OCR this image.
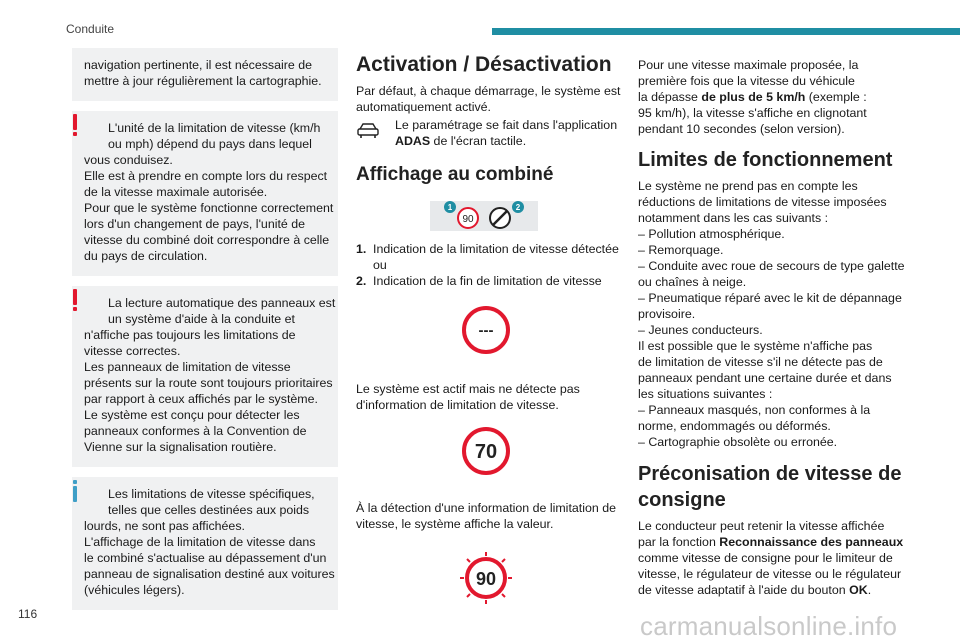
Conduite
navigation pertinente, il est nécessaire de
mettre à jour régulièrement la cartographie.
L'unité de la limitation de vitesse (km/h
ou mph) dépend du pays dans lequel
vous conduisez.
Elle est à prendre en compte lors du respect
de la vitesse maximale autorisée.
Pour que le système fonctionne correctement
lors d'un changement de pays, l'unité de
vitesse du combiné doit correspondre à celle
du pays de circulation.
La lecture automatique des panneaux est
un système d'aide à la conduite et
n'affiche pas toujours les limitations de
vitesse correctes.
Les panneaux de limitation de vitesse
présents sur la route sont toujours prioritaires
par rapport à ceux affichés par le système.
Le système est conçu pour détecter les
panneaux conformes à la Convention de
Vienne sur la signalisation routière.
Les limitations de vitesse spécifiques,
telles que celles destinées aux poids
lourds, ne sont pas affichées.
L'affichage de la limitation de vitesse dans
le combiné s'actualise au dépassement d'un
panneau de signalisation destiné aux voitures
(véhicules légers).
Activation / Désactivation
Par défaut, à chaque démarrage, le système est
automatiquement activé.
Le paramétrage se fait dans l'application
ADAS de l'écran tactile.
Affichage au combiné
1
90
2
1. Indication de la limitation de vitesse détectée
ou
2. Indication de la fin de limitation de vitesse
---
Le système est actif mais ne détecte pas
d'information de limitation de vitesse.
70
À la détection d'une information de limitation de
vitesse, le système affiche la valeur.
90
Pour une vitesse maximale proposée, la
première fois que la vitesse du véhicule
la dépasse de plus de 5 km/h (exemple :
95 km/h), la vitesse s'affiche en clignotant
pendant 10 secondes (selon version).
Limites de fonctionnement
Le système ne prend pas en compte les
réductions de limitations de vitesse imposées
notamment dans les cas suivants :
– Pollution atmosphérique.
– Remorquage.
– Conduite avec roue de secours de type galette
ou chaînes à neige.
– Pneumatique réparé avec le kit de dépannage
provisoire.
– Jeunes conducteurs.
Il est possible que le système n'affiche pas
de limitation de vitesse s'il ne détecte pas de
panneaux pendant une certaine durée et dans
les situations suivantes :
– Panneaux masqués, non conformes à la
norme, endommagés ou déformés.
– Cartographie obsolète ou erronée.
Préconisation de vitesse de
consigne
Le conducteur peut retenir la vitesse affichée
par la fonction Reconnaissance des panneaux
comme vitesse de consigne pour le limiteur de
vitesse, le régulateur de vitesse ou le régulateur
de vitesse adaptatif à l'aide du bouton OK.
116	carmanualsonline.info
